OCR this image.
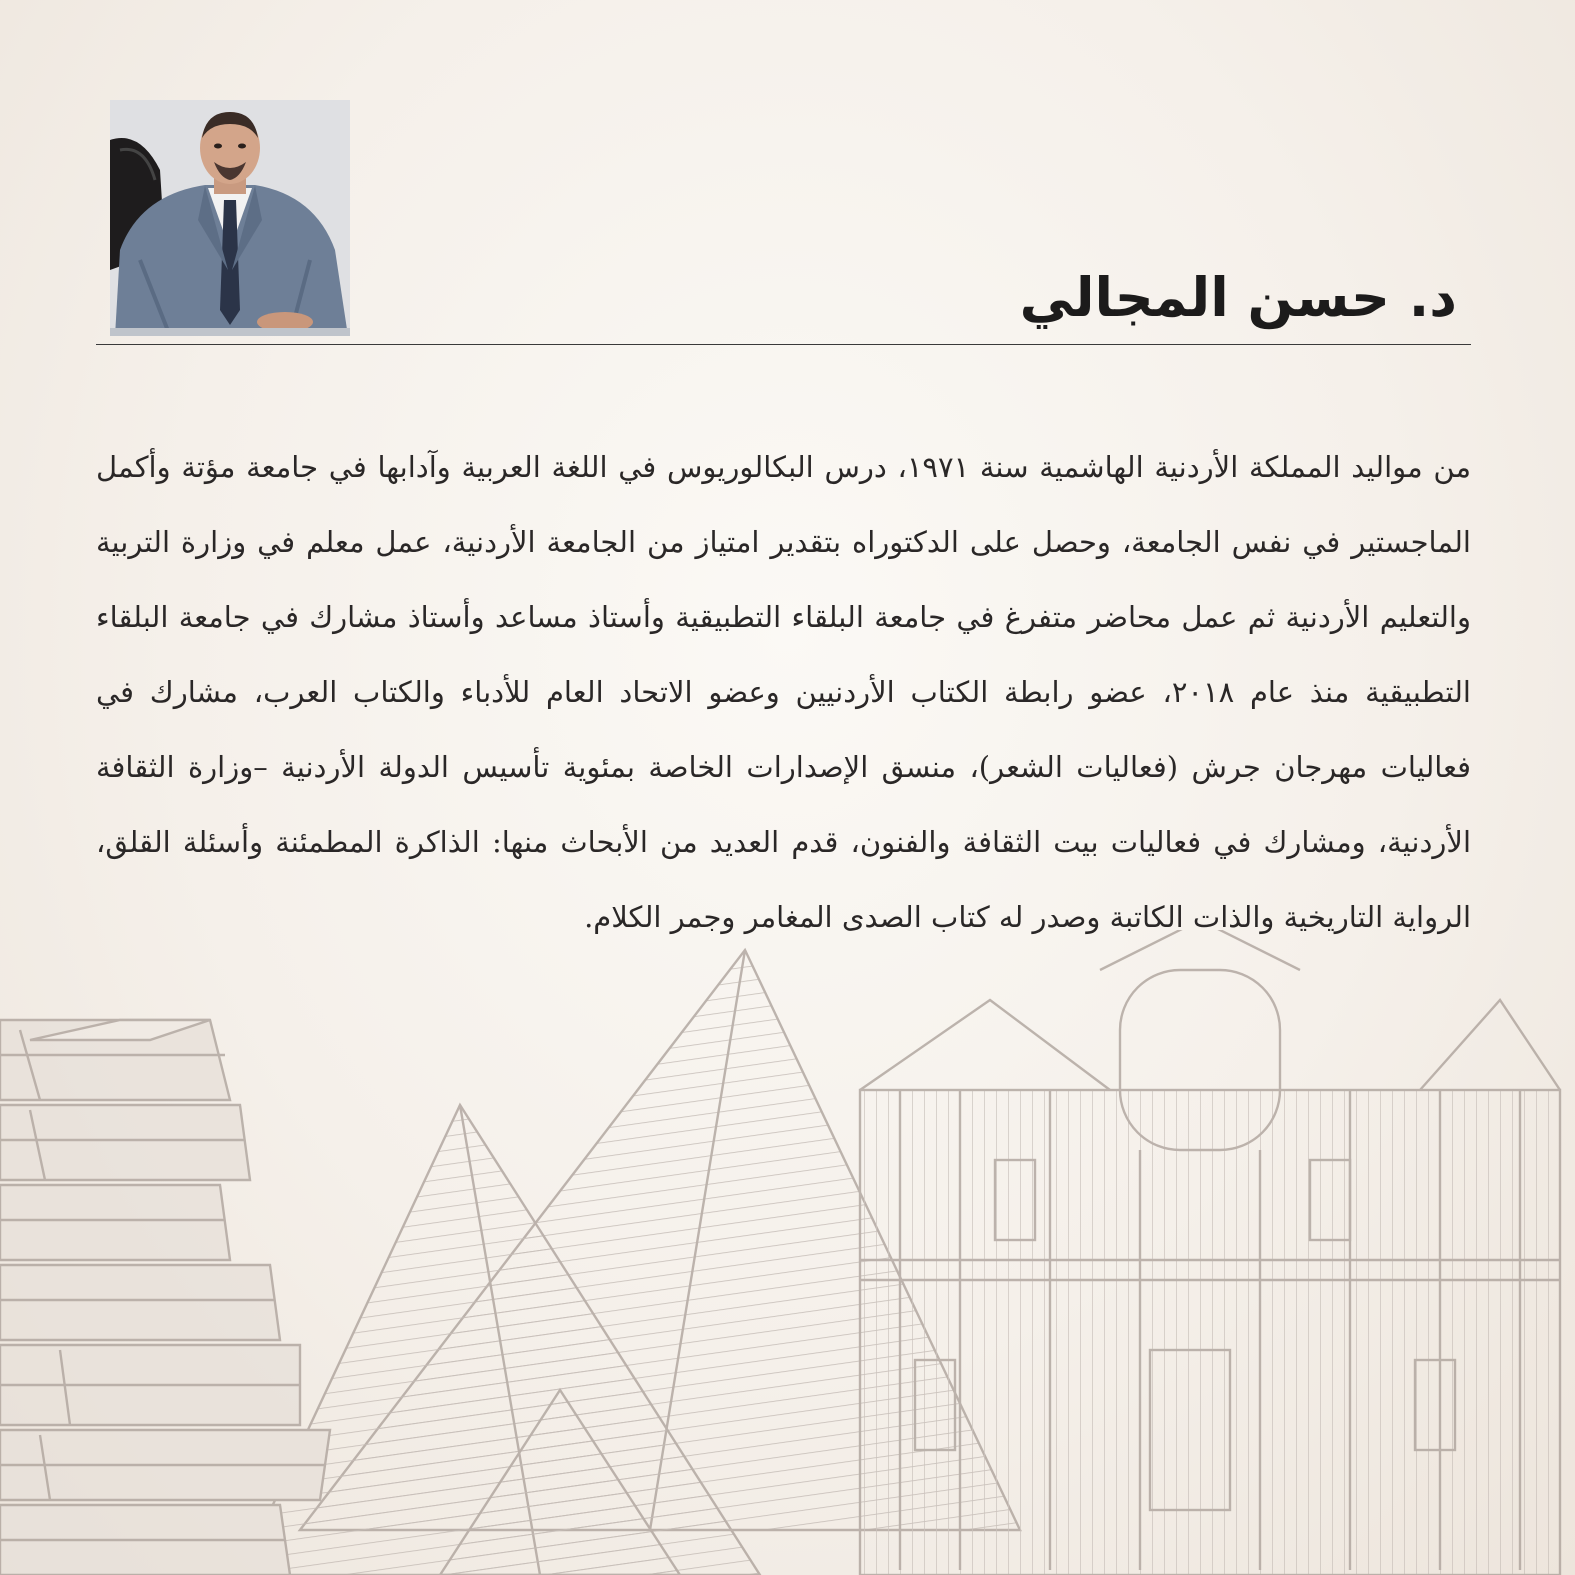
د. حسن المجالي

من مواليد المملكة الأردنية الهاشمية سنة ١٩٧١، درس البكالوريوس في اللغة العربية وآدابها في جامعة مؤتة وأكمل الماجستير في نفس الجامعة، وحصل على الدكتوراه بتقدير امتياز من الجامعة الأردنية، عمل معلم في وزارة التربية والتعليم الأردنية ثم عمل محاضر متفرغ في جامعة البلقاء التطبيقية وأستاذ مساعد وأستاذ مشارك في جامعة البلقاء التطبيقية منذ عام ٢٠١٨، عضو رابطة الكتاب الأردنيين وعضو الاتحاد العام للأدباء والكتاب العرب، مشارك في فعاليات مهرجان جرش (فعاليات الشعر)، منسق الإصدارات الخاصة بمئوية تأسيس الدولة الأردنية –وزارة الثقافة الأردنية، ومشارك في فعاليات بيت الثقافة والفنون، قدم العديد من الأبحاث منها: الذاكرة المطمئنة وأسئلة القلق، الرواية التاريخية والذات الكاتبة وصدر له كتاب الصدى المغامر وجمر الكلام.
